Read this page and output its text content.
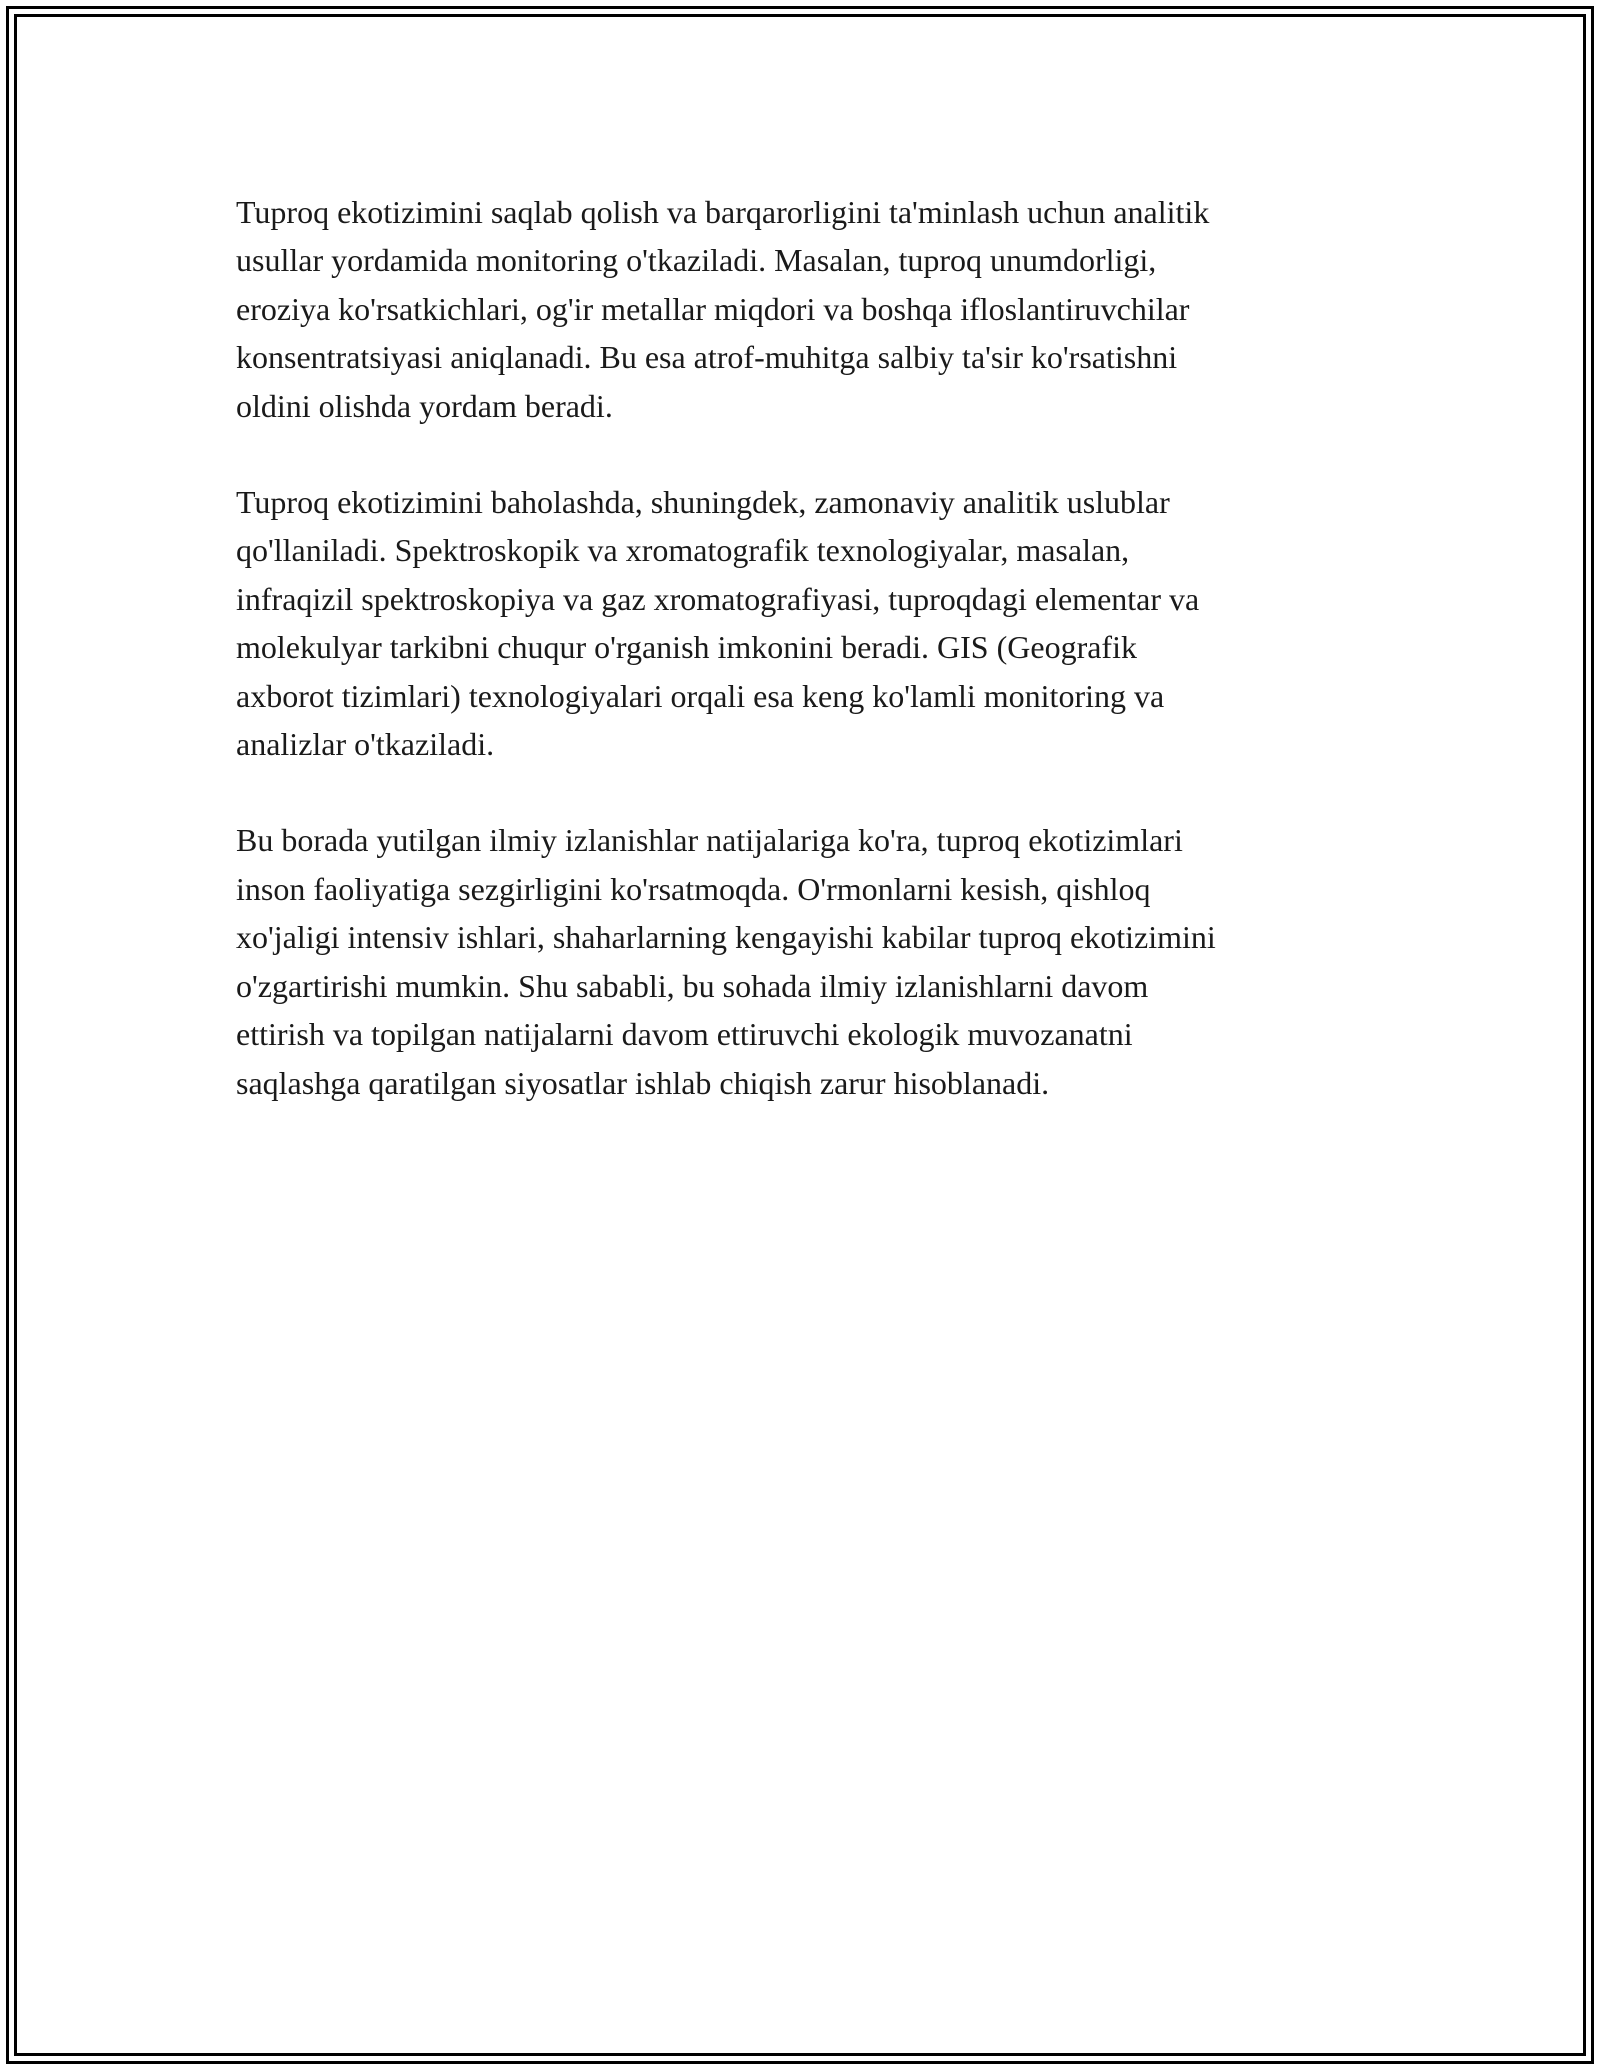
Tuproq ekotizimini saqlab qolish va barqarorligini ta'minlash uchun analitik
usullar yordamida monitoring o'tkaziladi. Masalan, tuproq unumdorligi,
eroziya ko'rsatkichlari, og'ir metallar miqdori va boshqa ifloslantiruvchilar
konsentratsiyasi aniqlanadi. Bu esa atrof-muhitga salbiy ta'sir ko'rsatishni
oldini olishda yordam beradi.

Tuproq ekotizimini baholashda, shuningdek, zamonaviy analitik uslublar
qo'llaniladi. Spektroskopik va xromatografik texnologiyalar, masalan,
infraqizil spektroskopiya va gaz xromatografiyasi, tuproqdagi elementar va
molekulyar tarkibni chuqur o'rganish imkonini beradi. GIS (Geografik
axborot tizimlari) texnologiyalari orqali esa keng ko'lamli monitoring va
analizlar o'tkaziladi.

Bu borada yutilgan ilmiy izlanishlar natijalariga ko'ra, tuproq ekotizimlari
inson faoliyatiga sezgirligini ko'rsatmoqda. O'rmonlarni kesish, qishloq
xo'jaligi intensiv ishlari, shaharlarning kengayishi kabilar tuproq ekotizimini
o'zgartirishi mumkin. Shu sababli, bu sohada ilmiy izlanishlarni davom
ettirish va topilgan natijalarni davom ettiruvchi ekologik muvozanatni
saqlashga qaratilgan siyosatlar ishlab chiqish zarur hisoblanadi.
